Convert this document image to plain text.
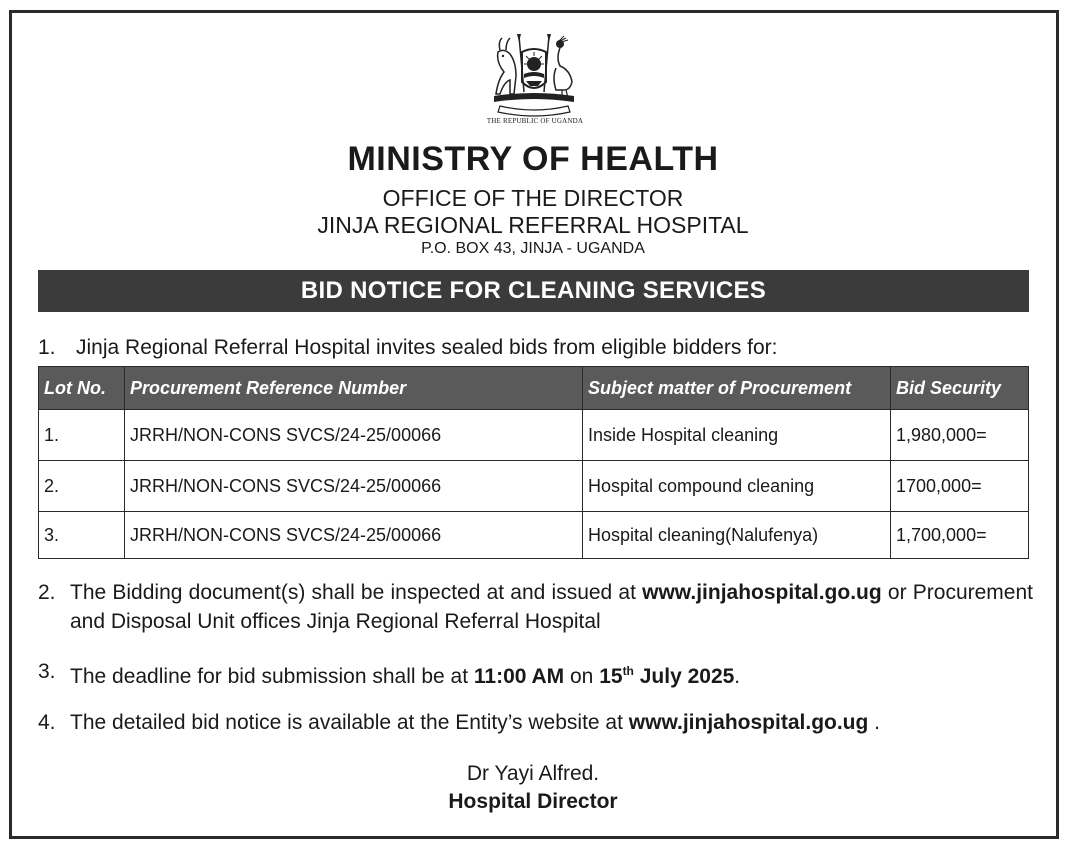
THE REPUBLIC OF UGANDA
MINISTRY OF HEALTH
OFFICE OF THE DIRECTOR
JINJA REGIONAL REFERRAL HOSPITAL
P.O. BOX 43, JINJA - UGANDA
BID NOTICE FOR CLEANING SERVICES
1. Jinja Regional Referral Hospital invites sealed bids from eligible bidders for:
Lot No.	Procurement Reference Number	Subject matter of Procurement	Bid Security
1.	JRRH/NON-CONS SVCS/24-25/00066	Inside Hospital cleaning	1,980,000=
2.	JRRH/NON-CONS SVCS/24-25/00066	Hospital compound cleaning	1700,000=
3.	JRRH/NON-CONS SVCS/24-25/00066	Hospital cleaning(Nalufenya)	1,700,000=
2. The Bidding document(s) shall be inspected at and issued at www.jinjahospital.go.ug or Procurement and Disposal Unit offices Jinja Regional Referral Hospital
3. The deadline for bid submission shall be at 11:00 AM on 15th July 2025.
4. The detailed bid notice is available at the Entity’s website at www.jinjahospital.go.ug .
Dr Yayi Alfred.
Hospital Director
